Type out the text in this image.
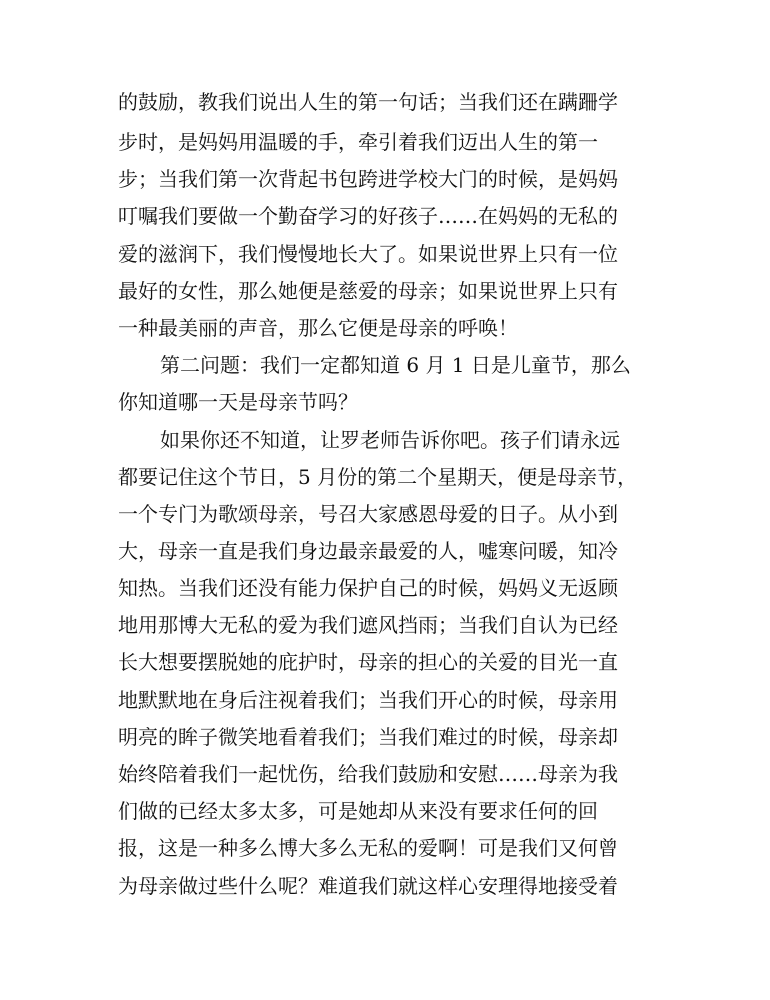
的鼓励，教我们说出人生的第一句话；当我们还在蹒跚学
步时，是妈妈用温暖的手，牵引着我们迈出人生的第一
步；当我们第一次背起书包跨进学校大门的时候，是妈妈
叮嘱我们要做一个勤奋学习的好孩子……在妈妈的无私的
爱的滋润下，我们慢慢地长大了。如果说世界上只有一位
最好的女性，那么她便是慈爱的母亲；如果说世界上只有
一种最美丽的声音，那么它便是母亲的呼唤！
第二问题：我们一定都知道 6 月 1 日是儿童节，那么
你知道哪一天是母亲节吗？
如果你还不知道，让罗老师告诉你吧。孩子们请永远
都要记住这个节日，5 月份的第二个星期天，便是母亲节，
一个专门为歌颂母亲，号召大家感恩母爱的日子。从小到
大，母亲一直是我们身边最亲最爱的人，嘘寒问暖，知冷
知热。当我们还没有能力保护自己的时候，妈妈义无返顾
地用那博大无私的爱为我们遮风挡雨；当我们自认为已经
长大想要摆脱她的庇护时，母亲的担心的关爱的目光一直
地默默地在身后注视着我们；当我们开心的时候，母亲用
明亮的眸子微笑地看着我们；当我们难过的时候，母亲却
始终陪着我们一起忧伤，给我们鼓励和安慰……母亲为我
们做的已经太多太多，可是她却从来没有要求任何的回
报，这是一种多么博大多么无私的爱啊！可是我们又何曾
为母亲做过些什么呢？难道我们就这样心安理得地接受着
